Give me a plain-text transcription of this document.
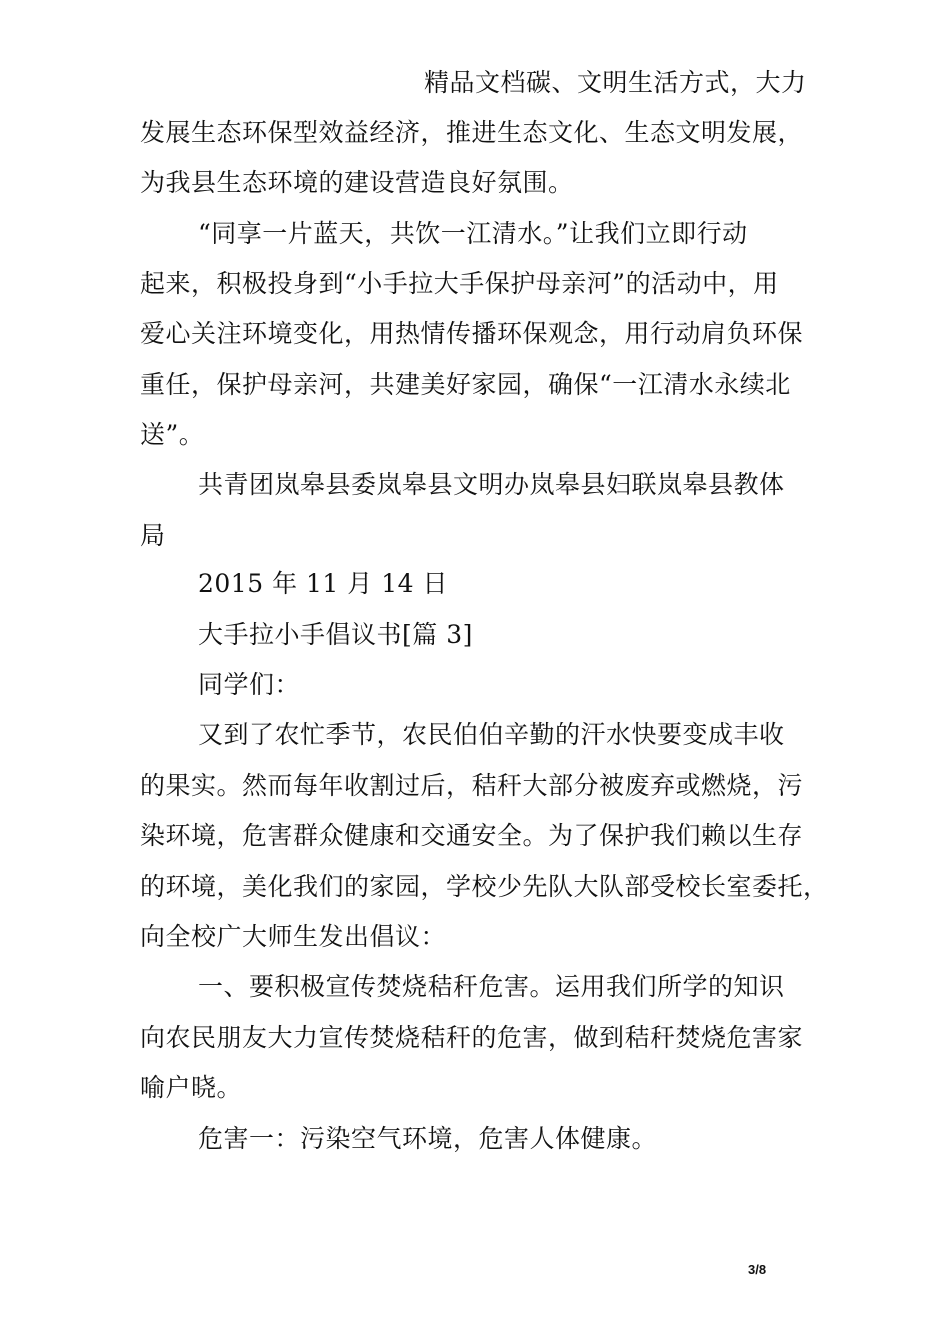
精品文档碳、文明生活方式，大力
发展生态环保型效益经济，推进生态文化、生态文明发展，
为我县生态环境的建设营造良好氛围。
“同享一片蓝天，共饮一江清水。”让我们立即行动
起来，积极投身到“小手拉大手保护母亲河”的活动中，用
爱心关注环境变化，用热情传播环保观念，用行动肩负环保
重任，保护母亲河，共建美好家园，确保“一江清水永续北
送”。
共青团岚皋县委岚皋县文明办岚皋县妇联岚皋县教体
局
2015 年 11 月 14 日
大手拉小手倡议书[篇 3]
同学们：
又到了农忙季节，农民伯伯辛勤的汗水快要变成丰收
的果实。然而每年收割过后，秸秆大部分被废弃或燃烧，污
染环境，危害群众健康和交通安全。为了保护我们赖以生存
的环境，美化我们的家园，学校少先队大队部受校长室委托，
向全校广大师生发出倡议：
一、要积极宣传焚烧秸秆危害。运用我们所学的知识
向农民朋友大力宣传焚烧秸秆的危害，做到秸秆焚烧危害家
喻户晓。
危害一：污染空气环境，危害人体健康。
3/8
